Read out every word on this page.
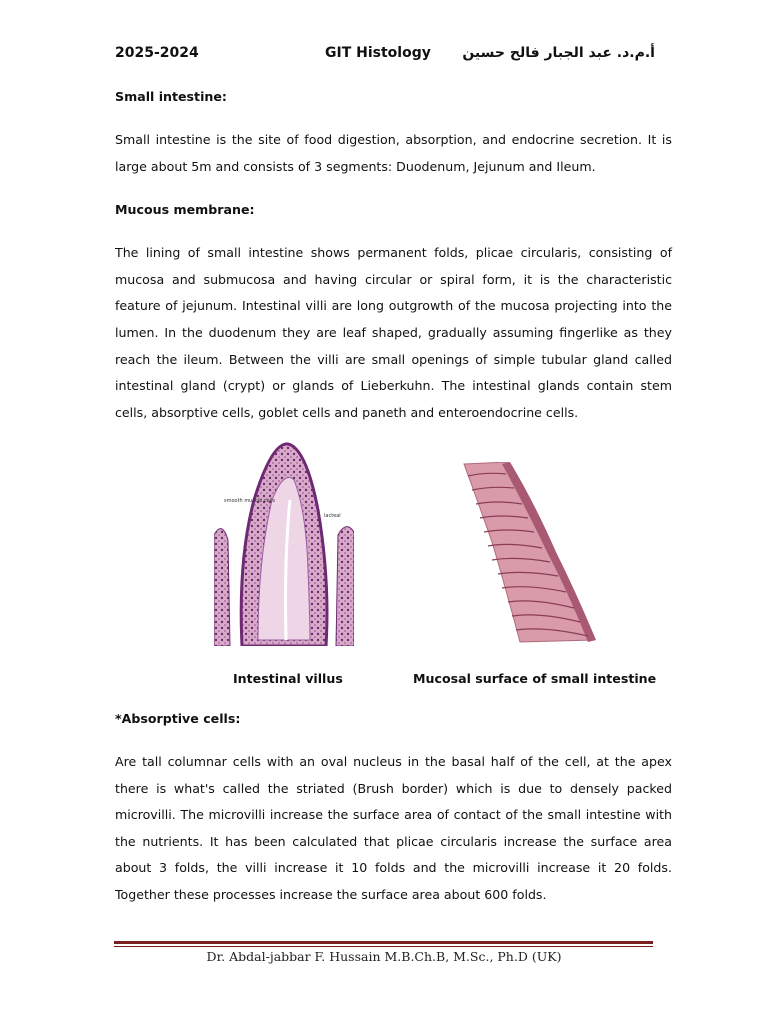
2025-2024	GIT Histology أ.م.د. عبد الجبار فالح حسين

Small intestine:

Small intestine is the site of food digestion, absorption, and endocrine secretion. It is large about 5m and consists of 3 segments: Duodenum, Jejunum and Ileum.

Mucous membrane:

The lining of small intestine shows permanent folds, plicae circularis, consisting of mucosa and submucosa and having circular or spiral form, it is the characteristic feature of jejunum. Intestinal villi are long outgrowth of the mucosa projecting into the lumen. In the duodenum they are leaf shaped, gradually assuming fingerlike as they reach the ileum. Between the villi are small openings of simple tubular gland called intestinal gland (crypt) or glands of Lieberkuhn. The intestinal glands contain stem cells, absorptive cells, goblet cells and paneth and enteroendocrine cells.

smooth muscle cells
lacteal
Intestinal villus	Mucosal surface of small intestine

*Absorptive cells:

Are tall columnar cells with an oval nucleus in the basal half of the cell, at the apex there is what's called the striated (Brush border) which is due to densely packed microvilli. The microvilli increase the surface area of contact of the small intestine with the nutrients. It has been calculated that plicae circularis increase the surface area about 3 folds, the villi increase it 10 folds and the microvilli increase it 20 folds. Together these processes increase the surface area about 600 folds.

Dr. Abdal-jabbar F. Hussain M.B.Ch.B, M.Sc., Ph.D (UK)
